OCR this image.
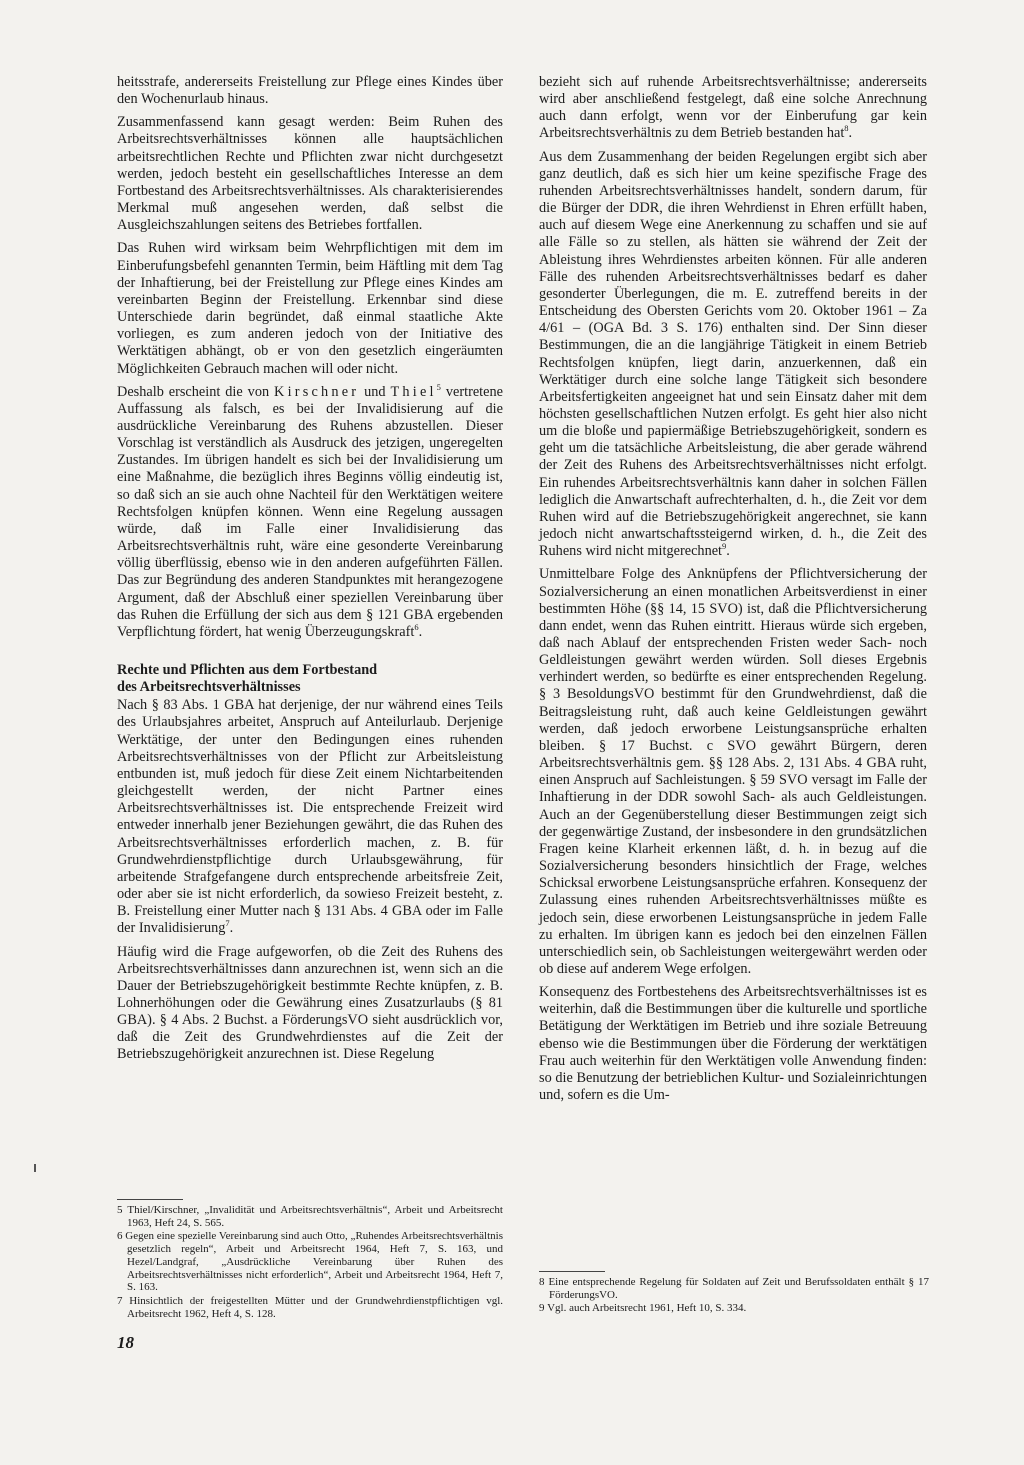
heitsstrafe, andererseits Freistellung zur Pflege eines Kindes über den Wochenurlaub hinaus.

Zusammenfassend kann gesagt werden: Beim Ruhen des Arbeitsrechtsverhältnisses können alle hauptsächlichen arbeitsrechtlichen Rechte und Pflichten zwar nicht durchgesetzt werden, jedoch besteht ein gesellschaftliches Interesse an dem Fortbestand des Arbeitsrechtsverhältnisses. Als charakterisierendes Merkmal muß angesehen werden, daß selbst die Ausgleichszahlungen seitens des Betriebes fortfallen.

Das Ruhen wird wirksam beim Wehrpflichtigen mit dem im Einberufungsbefehl genannten Termin, beim Häftling mit dem Tag der Inhaftierung, bei der Freistellung zur Pflege eines Kindes am vereinbarten Beginn der Freistellung. Erkennbar sind diese Unterschiede darin begründet, daß einmal staatliche Akte vorliegen, es zum anderen jedoch von der Initiative des Werktätigen abhängt, ob er von den gesetzlich eingeräumten Möglichkeiten Gebrauch machen will oder nicht.

Deshalb erscheint die von Kirschner und Thiel$^5$ vertretene Auffassung als falsch, es bei der Invalidisierung auf die ausdrückliche Vereinbarung des Ruhens abzustellen. Dieser Vorschlag ist verständlich als Ausdruck des jetzigen, ungeregelten Zustandes. Im übrigen handelt es sich bei der Invalidisierung um eine Maßnahme, die bezüglich ihres Beginns völlig eindeutig ist, so daß sich an sie auch ohne Nachteil für den Werktätigen weitere Rechtsfolgen knüpfen können. Wenn eine Regelung aussagen würde, daß im Falle einer Invalidisierung das Arbeitsrechtsverhältnis ruht, wäre eine gesonderte Vereinbarung völlig überflüssig, ebenso wie in den anderen aufgeführten Fällen. Das zur Begründung des anderen Standpunktes mit herangezogene Argument, daß der Abschluß einer speziellen Vereinbarung über das Ruhen die Erfüllung der sich aus dem § 121 GBA ergebenden Verpflichtung fördert, hat wenig Überzeugungskraft$^6$.

Rechte und Pflichten aus dem Fortbestand
des Arbeitsrechtsverhältnisses

Nach § 83 Abs. 1 GBA hat derjenige, der nur während eines Teils des Urlaubsjahres arbeitet, Anspruch auf Anteilurlaub. Derjenige Werktätige, der unter den Bedingungen eines ruhenden Arbeitsrechtsverhältnisses von der Pflicht zur Arbeitsleistung entbunden ist, muß jedoch für diese Zeit einem Nichtarbeitenden gleichgestellt werden, der nicht Partner eines Arbeitsrechtsverhältnisses ist. Die entsprechende Freizeit wird entweder innerhalb jener Beziehungen gewährt, die das Ruhen des Arbeitsrechtsverhältnisses erforderlich machen, z. B. für Grundwehrdienstpflichtige durch Urlaubsgewährung, für arbeitende Strafgefangene durch entsprechende arbeitsfreie Zeit, oder aber sie ist nicht erforderlich, da sowieso Freizeit besteht, z. B. Freistellung einer Mutter nach § 131 Abs. 4 GBA oder im Falle der Invalidisierung$^7$.

Häufig wird die Frage aufgeworfen, ob die Zeit des Ruhens des Arbeitsrechtsverhältnisses dann anzurechnen ist, wenn sich an die Dauer der Betriebszugehörigkeit bestimmte Rechte knüpfen, z. B. Lohnerhöhungen oder die Gewährung eines Zusatzurlaubs (§ 81 GBA). § 4 Abs. 2 Buchst. a FörderungsVO sieht ausdrücklich vor, daß die Zeit des Grundwehrdienstes auf die Zeit der Betriebszugehörigkeit anzurechnen ist. Diese Regelung

bezieht sich auf ruhende Arbeitsrechtsverhältnisse; andererseits wird aber anschließend festgelegt, daß eine solche Anrechnung auch dann erfolgt, wenn vor der Einberufung gar kein Arbeitsrechtsverhältnis zu dem Betrieb bestanden hat$^8$.

Aus dem Zusammenhang der beiden Regelungen ergibt sich aber ganz deutlich, daß es sich hier um keine spezifische Frage des ruhenden Arbeitsrechtsverhältnisses handelt, sondern darum, für die Bürger der DDR, die ihren Wehrdienst in Ehren erfüllt haben, auch auf diesem Wege eine Anerkennung zu schaffen und sie auf alle Fälle so zu stellen, als hätten sie während der Zeit der Ableistung ihres Wehrdienstes arbeiten können. Für alle anderen Fälle des ruhenden Arbeitsrechtsverhältnisses bedarf es daher gesonderter Überlegungen, die m. E. zutreffend bereits in der Entscheidung des Obersten Gerichts vom 20. Oktober 1961 – Za 4/61 – (OGA Bd. 3 S. 176) enthalten sind. Der Sinn dieser Bestimmungen, die an die langjährige Tätigkeit in einem Betrieb Rechtsfolgen knüpfen, liegt darin, anzuerkennen, daß ein Werktätiger durch eine solche lange Tätigkeit sich besondere Arbeitsfertigkeiten angeeignet hat und sein Einsatz daher mit dem höchsten gesellschaftlichen Nutzen erfolgt. Es geht hier also nicht um die bloße und papiermäßige Betriebszugehörigkeit, sondern es geht um die tatsächliche Arbeitsleistung, die aber gerade während der Zeit des Ruhens des Arbeitsrechtsverhältnisses nicht erfolgt. Ein ruhendes Arbeitsrechtsverhältnis kann daher in solchen Fällen lediglich die Anwartschaft aufrechterhalten, d. h., die Zeit vor dem Ruhen wird auf die Betriebszugehörigkeit angerechnet, sie kann jedoch nicht anwartschaftssteigernd wirken, d. h., die Zeit des Ruhens wird nicht mitgerechnet$^9$.

Unmittelbare Folge des Anknüpfens der Pflichtversicherung der Sozialversicherung an einen monatlichen Arbeitsverdienst in einer bestimmten Höhe (§§ 14, 15 SVO) ist, daß die Pflichtversicherung dann endet, wenn das Ruhen eintritt. Hieraus würde sich ergeben, daß nach Ablauf der entsprechenden Fristen weder Sach- noch Geldleistungen gewährt werden würden. Soll dieses Ergebnis verhindert werden, so bedürfte es einer entsprechenden Regelung. § 3 BesoldungsVO bestimmt für den Grundwehrdienst, daß die Beitragsleistung ruht, daß auch keine Geldleistungen gewährt werden, daß jedoch erworbene Leistungsansprüche erhalten bleiben. § 17 Buchst. c SVO gewährt Bürgern, deren Arbeitsrechtsverhältnis gem. §§ 128 Abs. 2, 131 Abs. 4 GBA ruht, einen Anspruch auf Sachleistungen. § 59 SVO versagt im Falle der Inhaftierung in der DDR sowohl Sach- als auch Geldleistungen. Auch an der Gegenüberstellung dieser Bestimmungen zeigt sich der gegenwärtige Zustand, der insbesondere in den grundsätzlichen Fragen keine Klarheit erkennen läßt, d. h. in bezug auf die Sozialversicherung besonders hinsichtlich der Frage, welches Schicksal erworbene Leistungsansprüche erfahren. Konsequenz der Zulassung eines ruhenden Arbeitsrechtsverhältnisses müßte es jedoch sein, diese erworbenen Leistungsansprüche in jedem Falle zu erhalten. Im übrigen kann es jedoch bei den einzelnen Fällen unterschiedlich sein, ob Sachleistungen weitergewährt werden oder ob diese auf anderem Wege erfolgen.

Konsequenz des Fortbestehens des Arbeitsrechtsverhältnisses ist es weiterhin, daß die Bestimmungen über die kulturelle und sportliche Betätigung der Werktätigen im Betrieb und ihre soziale Betreuung ebenso wie die Bestimmungen über die Förderung der werktätigen Frau auch weiterhin für den Werktätigen volle Anwendung finden: so die Benutzung der betrieblichen Kultur- und Sozialeinrichtungen und, sofern es die Um-

5 Thiel/Kirschner, „Invalidität und Arbeitsrechtsverhältnis“, Arbeit und Arbeitsrecht 1963, Heft 24, S. 565.
6 Gegen eine spezielle Vereinbarung sind auch Otto, „Ruhendes Arbeitsrechtsverhältnis gesetzlich regeln“, Arbeit und Arbeitsrecht 1964, Heft 7, S. 163, und Hezel/Landgraf, „Ausdrückliche Vereinbarung über Ruhen des Arbeitsrechtsverhältnisses nicht erforderlich“, Arbeit und Arbeitsrecht 1964, Heft 7, S. 163.
7 Hinsichtlich der freigestellten Mütter und der Grundwehrdienstpflichtigen vgl. Arbeitsrecht 1962, Heft 4, S. 128.
8 Eine entsprechende Regelung für Soldaten auf Zeit und Berufssoldaten enthält § 17 FörderungsVO.
9 Vgl. auch Arbeitsrecht 1961, Heft 10, S. 334.
18
